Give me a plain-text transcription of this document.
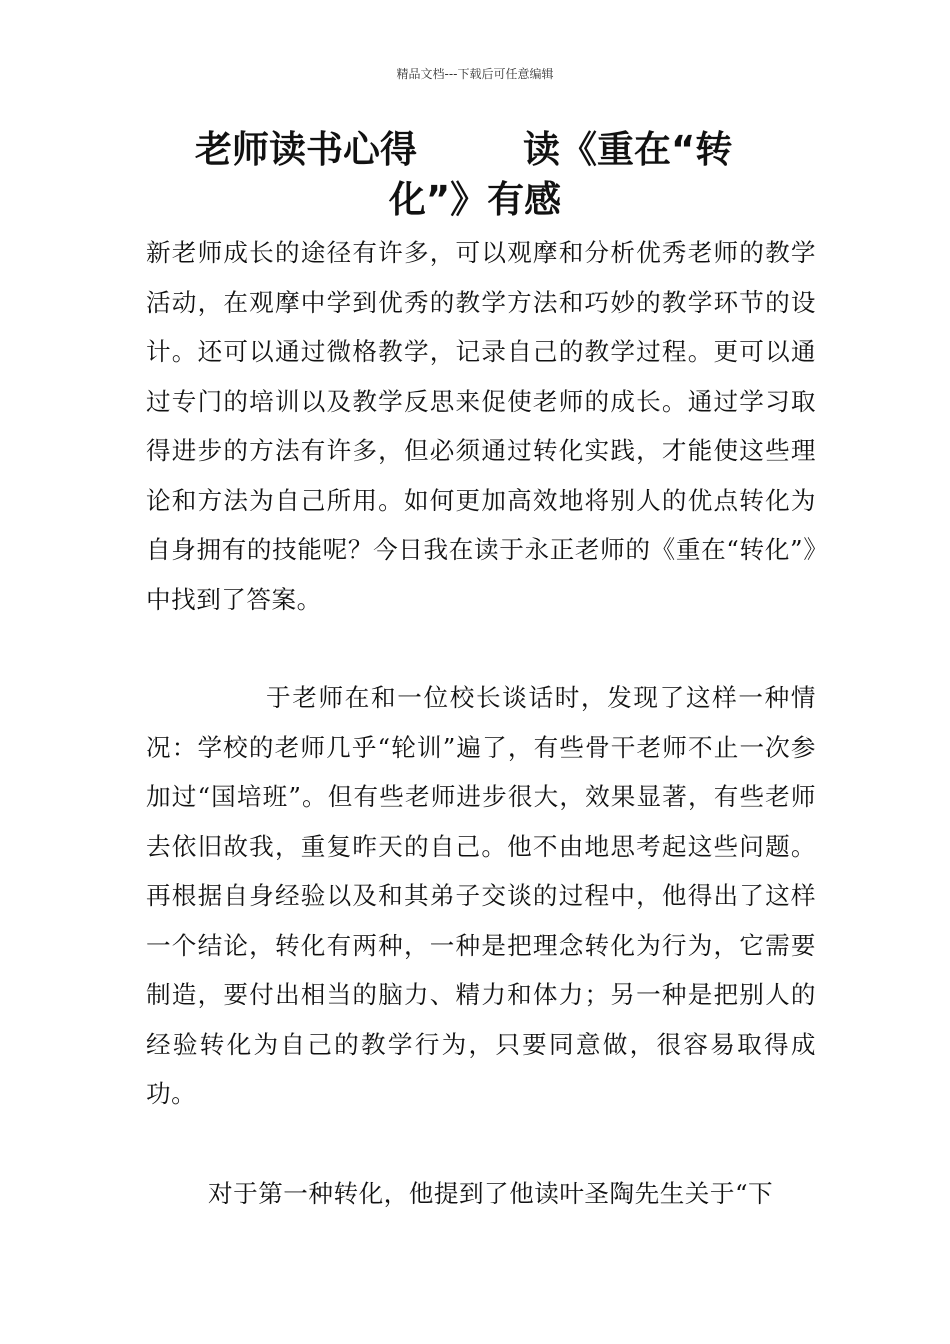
精品文档---下载后可任意编辑
老师读书心得	读《重在“转
化”》有感

新老师成长的途径有许多，可以观摩和分析优秀老师的教学活动，在观摩中学到优秀的教学方法和巧妙的教学环节的设计。还可以通过微格教学，记录自己的教学过程。更可以通过专门的培训以及教学反思来促使老师的成长。通过学习取得进步的方法有许多，但必须通过转化实践，才能使这些理论和方法为自己所用。如何更加高效地将别人的优点转化为自身拥有的技能呢？今日我在读于永正老师的《重在“转化”》中找到了答案。

于老师在和一位校长谈话时，发现了这样一种情况：学校的老师几乎“轮训”遍了，有些骨干老师不止一次参加过“国培班”。但有些老师进步很大，效果显著，有些老师去依旧故我，重复昨天的自己。他不由地思考起这些问题。再根据自身经验以及和其弟子交谈的过程中，他得出了这样一个结论，转化有两种，一种是把理念转化为行为，它需要制造，要付出相当的脑力、精力和体力；另一种是把别人的经验转化为自己的教学行为，只要同意做，很容易取得成功。

对于第一种转化，他提到了他读叶圣陶先生关于“下
